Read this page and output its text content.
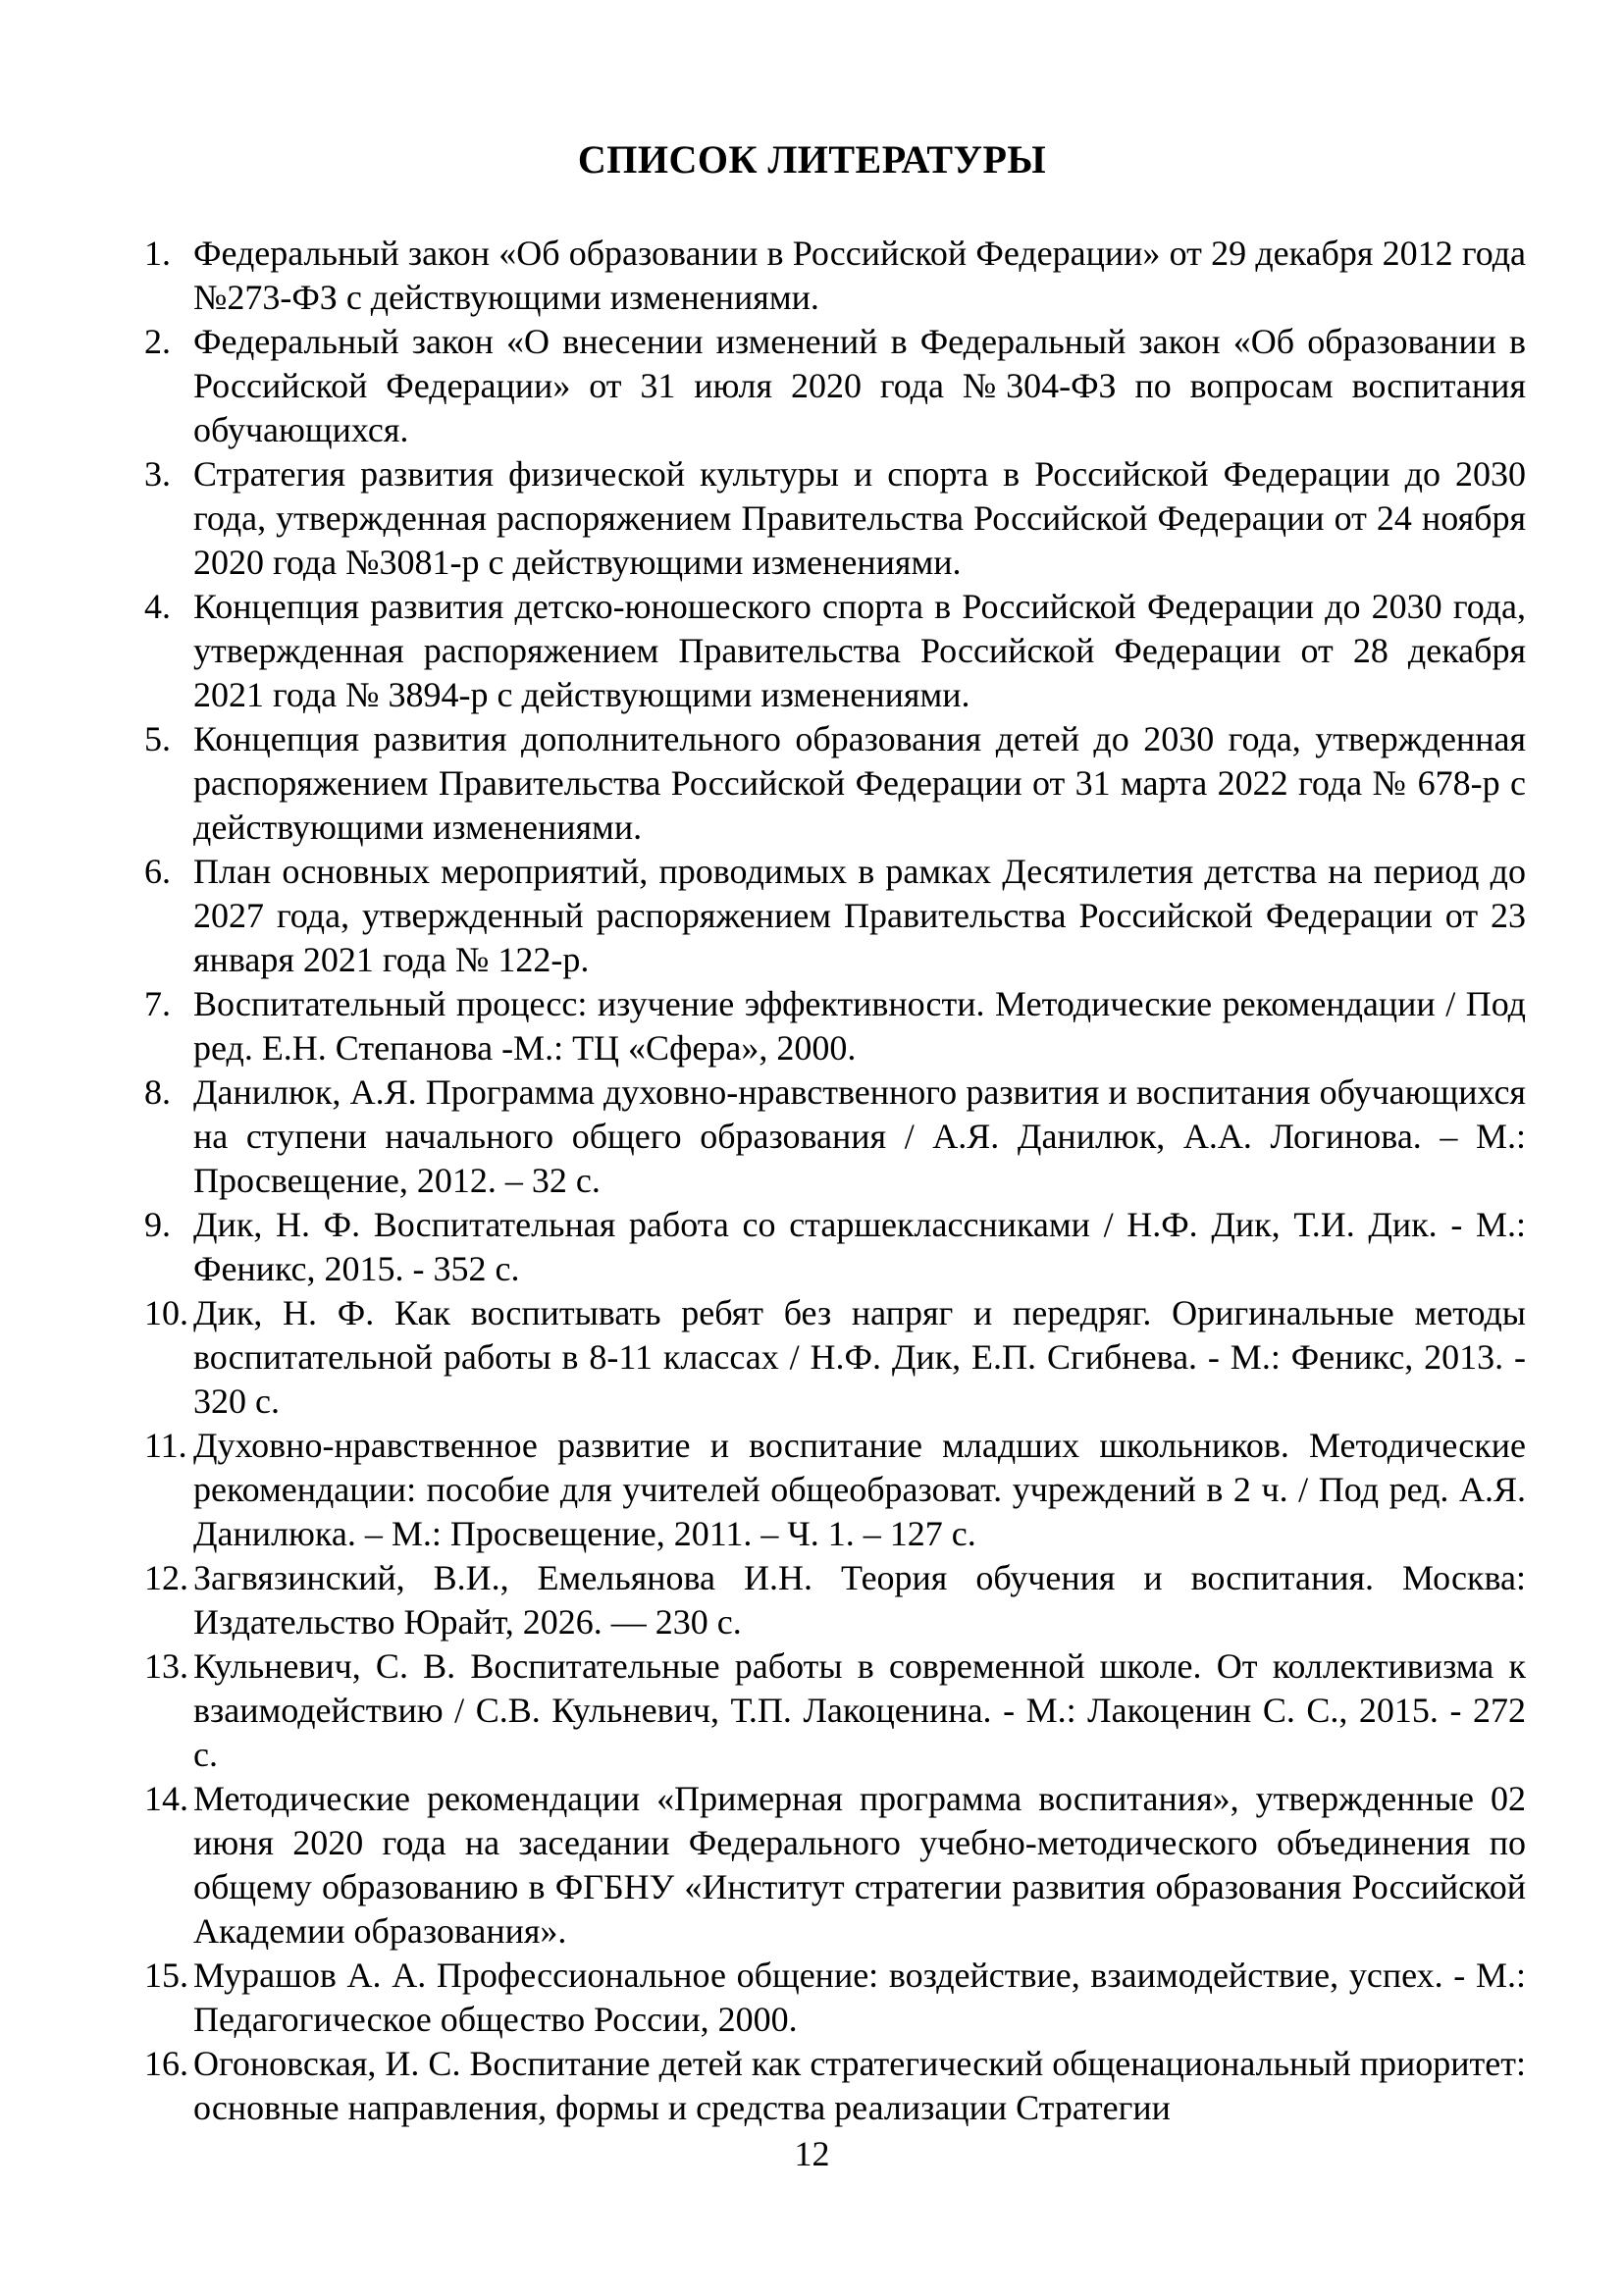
СПИСОК ЛИТЕРАТУРЫ
1. Федеральный закон «Об образовании в Российской Федерации» от 29 декабря 2012 года №273-ФЗ с действующими изменениями.
2. Федеральный закон «О внесении изменений в Федеральный закон «Об образовании в Российской Федерации» от 31 июля 2020 года №304-ФЗ по вопросам воспитания обучающихся.
3. Стратегия развития физической культуры и спорта в Российской Федерации до 2030 года, утвержденная распоряжением Правительства Российской Федерации от 24 ноября 2020 года №3081-р с действующими изменениями.
4. Концепция развития детско-юношеского спорта в Российской Федерации до 2030 года, утвержденная распоряжением Правительства Российской Федерации от 28 декабря 2021 года № 3894-р с действующими изменениями.
5. Концепция развития дополнительного образования детей до 2030 года, утвержденная распоряжением Правительства Российской Федерации от 31 марта 2022 года № 678-р с действующими изменениями.
6. План основных мероприятий, проводимых в рамках Десятилетия детства на период до 2027 года, утвержденный распоряжением Правительства Российской Федерации от 23 января 2021 года № 122-р.
7. Воспитательный процесс: изучение эффективности. Методические рекомендации / Под ред. Е.Н. Степанова -М.: ТЦ «Сфера», 2000.
8. Данилюк, А.Я. Программа духовно-нравственного развития и воспитания обучающихся на ступени начального общего образования / А.Я. Данилюк, А.А. Логинова. – М.: Просвещение, 2012. – 32 с.
9. Дик, Н. Ф. Воспитательная работа со старшеклассниками / Н.Ф. Дик, Т.И. Дик. - М.: Феникс, 2015. - 352 с.
10. Дик, Н. Ф. Как воспитывать ребят без напряг и передряг. Оригинальные методы воспитательной работы в 8-11 классах / Н.Ф. Дик, Е.П. Сгибнева. - М.: Феникс, 2013. - 320 с.
11. Духовно-нравственное развитие и воспитание младших школьников. Методические рекомендации: пособие для учителей общеобразоват. учреждений в 2 ч. / Под ред. А.Я. Данилюка. – М.: Просвещение, 2011. – Ч. 1. – 127 с.
12. Загвязинский, В.И., Емельянова И.Н. Теория обучения и воспитания. Москва: Издательство Юрайт, 2026. — 230 с.
13. Кульневич, С. В. Воспитательные работы в современной школе. От коллективизма к взаимодействию / С.В. Кульневич, Т.П. Лакоценина. - М.: Лакоценин С. С., 2015. - 272 с.
14. Методические рекомендации «Примерная программа воспитания», утвержденные 02 июня 2020 года на заседании Федерального учебно-методического объединения по общему образованию в ФГБНУ «Институт стратегии развития образования Российской Академии образования».
15. Мурашов А. А. Профессиональное общение: воздействие, взаимодействие, успех. - М.: Педагогическое общество России, 2000.
16. Огоновская, И. С. Воспитание детей как стратегический общенациональный приоритет: основные направления, формы и средства реализации Стратегии
12
